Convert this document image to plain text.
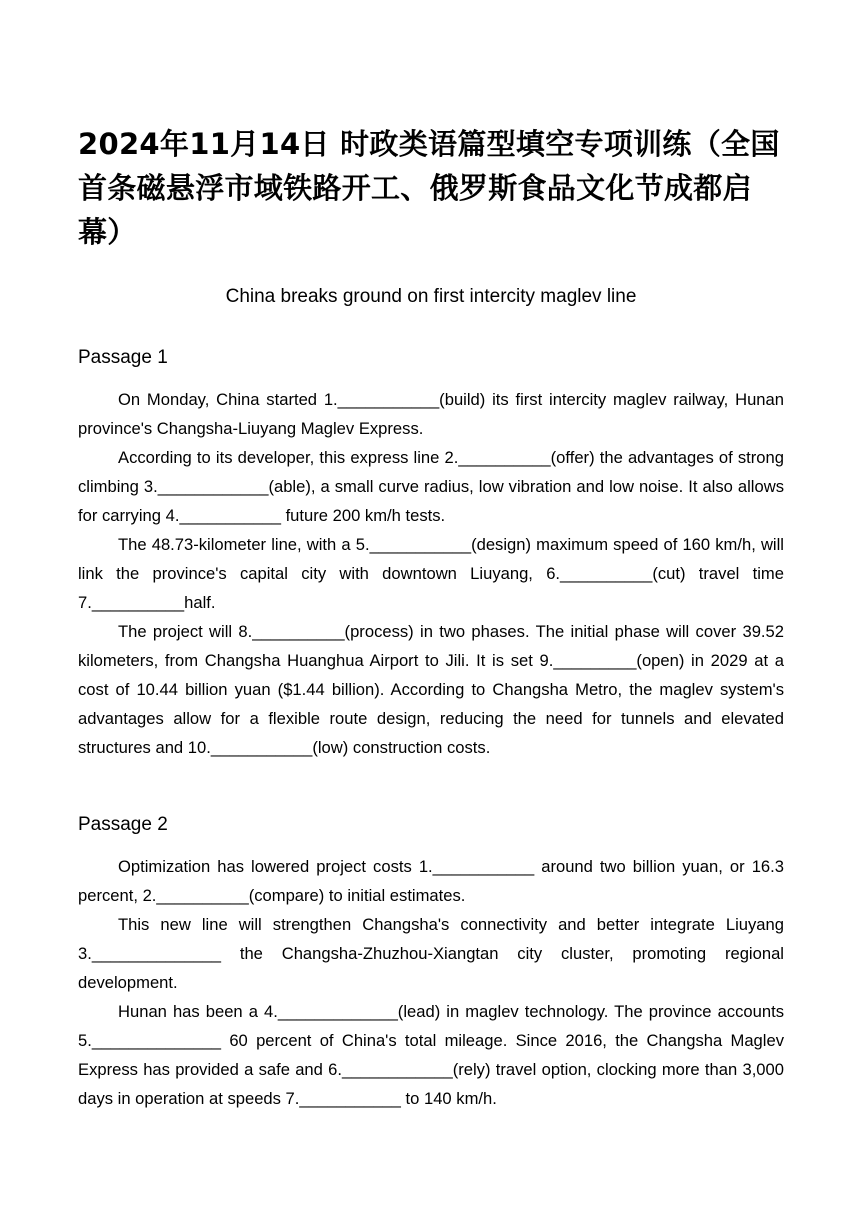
2024年11月14日 时政类语篇型填空专项训练（全国首条磁悬浮市域铁路开工、俄罗斯食品文化节成都启幕）

China breaks ground on first intercity maglev line

Passage 1

On Monday, China started 1.___________(build) its first intercity maglev railway, Hunan province's Changsha-Liuyang Maglev Express.

According to its developer, this express line 2.__________(offer) the advantages of strong climbing 3.____________(able), a small curve radius, low vibration and low noise. It also allows for carrying 4.___________ future 200 km/h tests.

The 48.73-kilometer line, with a 5.___________(design) maximum speed of 160 km/h, will link the province's capital city with downtown Liuyang, 6.__________(cut) travel time 7.__________half.

The project will 8.__________(process) in two phases. The initial phase will cover 39.52 kilometers, from Changsha Huanghua Airport to Jili. It is set 9._________(open) in 2029 at a cost of 10.44 billion yuan ($1.44 billion). According to Changsha Metro, the maglev system's advantages allow for a flexible route design, reducing the need for tunnels and elevated structures and 10.___________(low) construction costs.

Passage 2

Optimization has lowered project costs 1.___________ around two billion yuan, or 16.3 percent, 2.__________(compare) to initial estimates.

This new line will strengthen Changsha's connectivity and better integrate Liuyang 3.______________ the Changsha-Zhuzhou-Xiangtan city cluster, promoting regional development.

Hunan has been a 4._____________(lead) in maglev technology. The province accounts 5.______________ 60 percent of China's total mileage. Since 2016, the Changsha Maglev Express has provided a safe and 6.____________(rely) travel option, clocking more than 3,000 days in operation at speeds 7.___________ to 140 km/h.
